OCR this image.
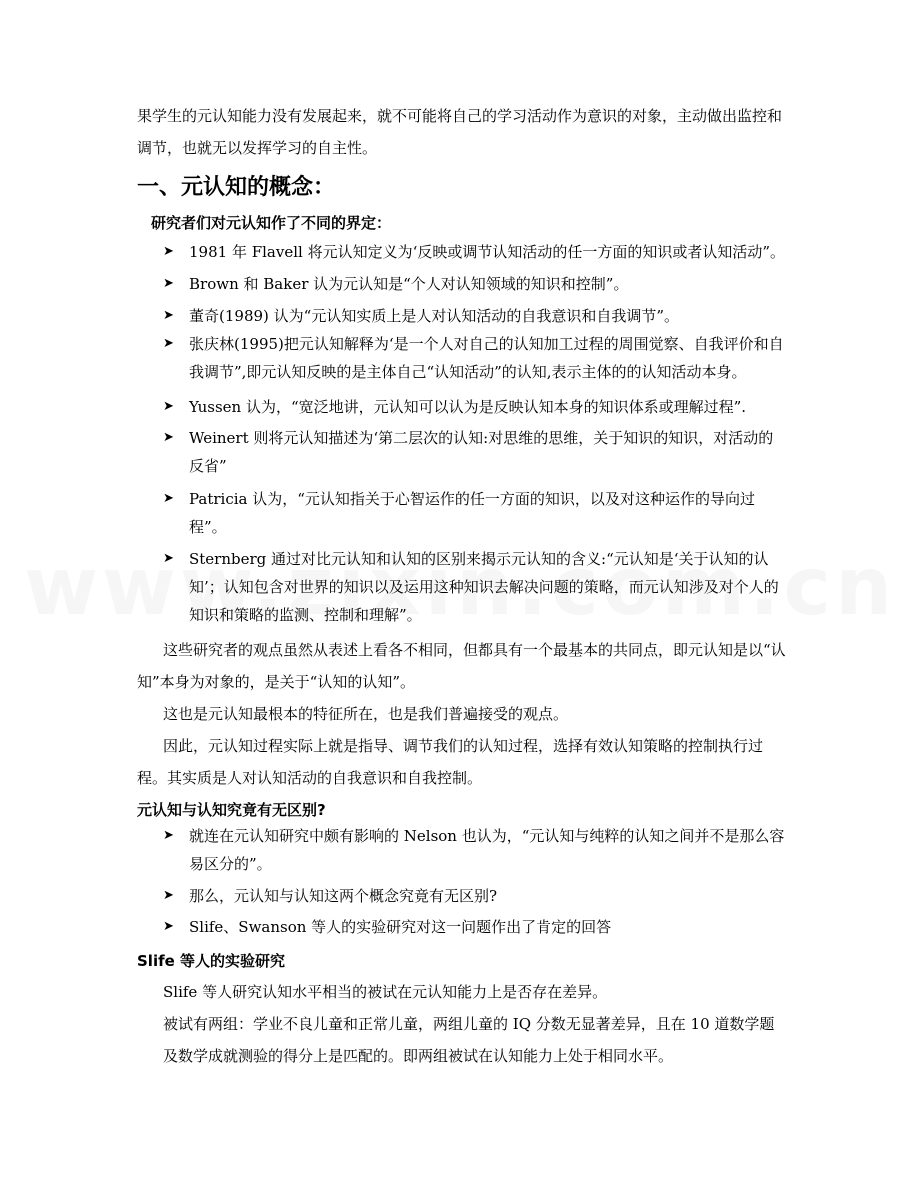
果学生的元认知能力没有发展起来，就不可能将自己的学习活动作为意识的对象，主动做出监控和调节，也就无以发挥学习的自主性。
一、元认知的概念：
研究者们对元认知作了不同的界定：
➤	1981 年 Flavell 将元认知定义为‘反映或调节认知活动的任一方面的知识或者认知活动”。
➤	Brown 和 Baker 认为元认知是“个人对认知领域的知识和控制”。
➤	董奇(1989) 认为“元认知实质上是人对认知活动的自我意识和自我调节”。
➤	张庆林(1995)把元认知解释为‘是一个人对自己的认知加工过程的周围觉察、自我评价和自我调节”,即元认知反映的是主体自己“认知活动”的认知,表示主体的的认知活动本身。
➤	Yussen 认为，“宽泛地讲，元认知可以认为是反映认知本身的知识体系或理解过程”.
➤	Weinert 则将元认知描述为‘第二层次的认知:对思维的思维，关于知识的知识，对活动的反省”
➤	Patricia 认为，“元认知指关于心智运作的任一方面的知识，以及对这种运作的导向过程”。
➤	Sternberg 通过对比元认知和认知的区别来揭示元认知的含义:“元认知是‘关于认知的认知’；认知包含对世界的知识以及运用这种知识去解决问题的策略，而元认知涉及对个人的知识和策略的监测、控制和理解”。
这些研究者的观点虽然从表述上看各不相同，但都具有一个最基本的共同点，即元认知是以“认知”本身为对象的，是关于“认知的认知”。
这也是元认知最根本的特征所在，也是我们普遍接受的观点。
因此，元认知过程实际上就是指导、调节我们的认知过程，选择有效认知策略的控制执行过程。其实质是人对认知活动的自我意识和自我控制。
元认知与认知究竟有无区别?
➤	就连在元认知研究中颇有影响的 Nelson 也认为，“元认知与纯粹的认知之间并不是那么容易区分的”。
➤	那么，元认知与认知这两个概念究竟有无区别?
➤	Slife、Swanson 等人的实验研究对这一问题作出了肯定的回答
Slife 等人的实验研究
Slife 等人研究认知水平相当的被试在元认知能力上是否存在差异。
被试有两组：学业不良儿童和正常儿童，两组儿童的 IQ 分数无显著差异，且在 10 道数学题及数学成就测验的得分上是匹配的。即两组被试在认知能力上处于相同水平。
